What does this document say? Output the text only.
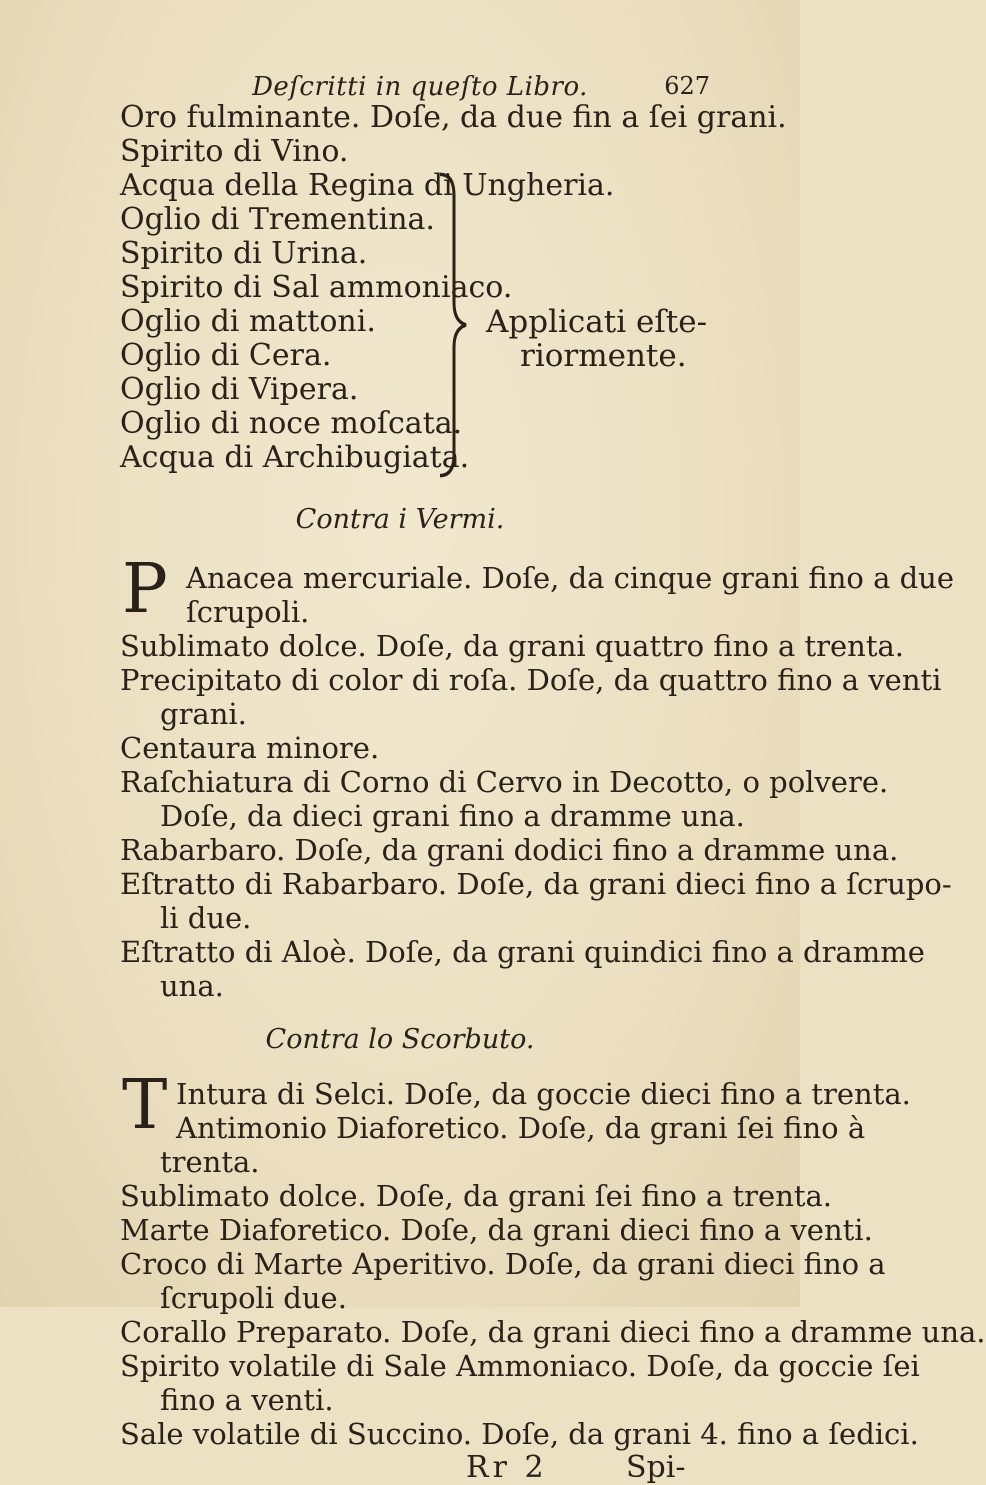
Deſcritti in queſto Libro.	627
Oro fulminante. Doſe, da due fin a ſei grani.
Spirito di Vino.
Acqua della Regina di Ungheria.
Oglio di Trementina.
Spirito di Urina.
Spirito di Sal ammoniaco.
Oglio di mattoni.
Oglio di Cera.
Oglio di Vipera.
Oglio di noce moſcata.
Acqua di Archibugiata.
Applicati eſte-
riormente.
Contra i Vermi.
P Anacea mercuriale. Doſe, da cinque grani fino a due
ſcrupoli.
Sublimato dolce. Doſe, da grani quattro fino a trenta.
Precipitato di color di roſa. Doſe, da quattro fino a venti
grani.
Centaura minore.
Raſchiatura di Corno di Cervo in Decotto, o polvere.
Doſe, da dieci grani fino a dramme una.
Rabarbaro. Doſe, da grani dodici fino a dramme una.
Eſtratto di Rabarbaro. Doſe, da grani dieci fino a ſcrupo-
li due.
Eſtratto di Aloè. Doſe, da grani quindici fino a dramme
una.
Contra lo Scorbuto.
T Intura di Selci. Doſe, da goccie dieci fino a trenta.
Antimonio Diaforetico. Doſe, da grani ſei fino à
trenta.
Sublimato dolce. Doſe, da grani ſei fino a trenta.
Marte Diaforetico. Doſe, da grani dieci fino a venti.
Croco di Marte Aperitivo. Doſe, da grani dieci fino a
ſcrupoli due.
Corallo Preparato. Doſe, da grani dieci fino a dramme una.
Spirito volatile di Sale Ammoniaco. Doſe, da goccie ſei
fino a venti.
Sale volatile di Succino. Doſe, da grani 4. fino a ſedici.
Rr 2	Spi-
